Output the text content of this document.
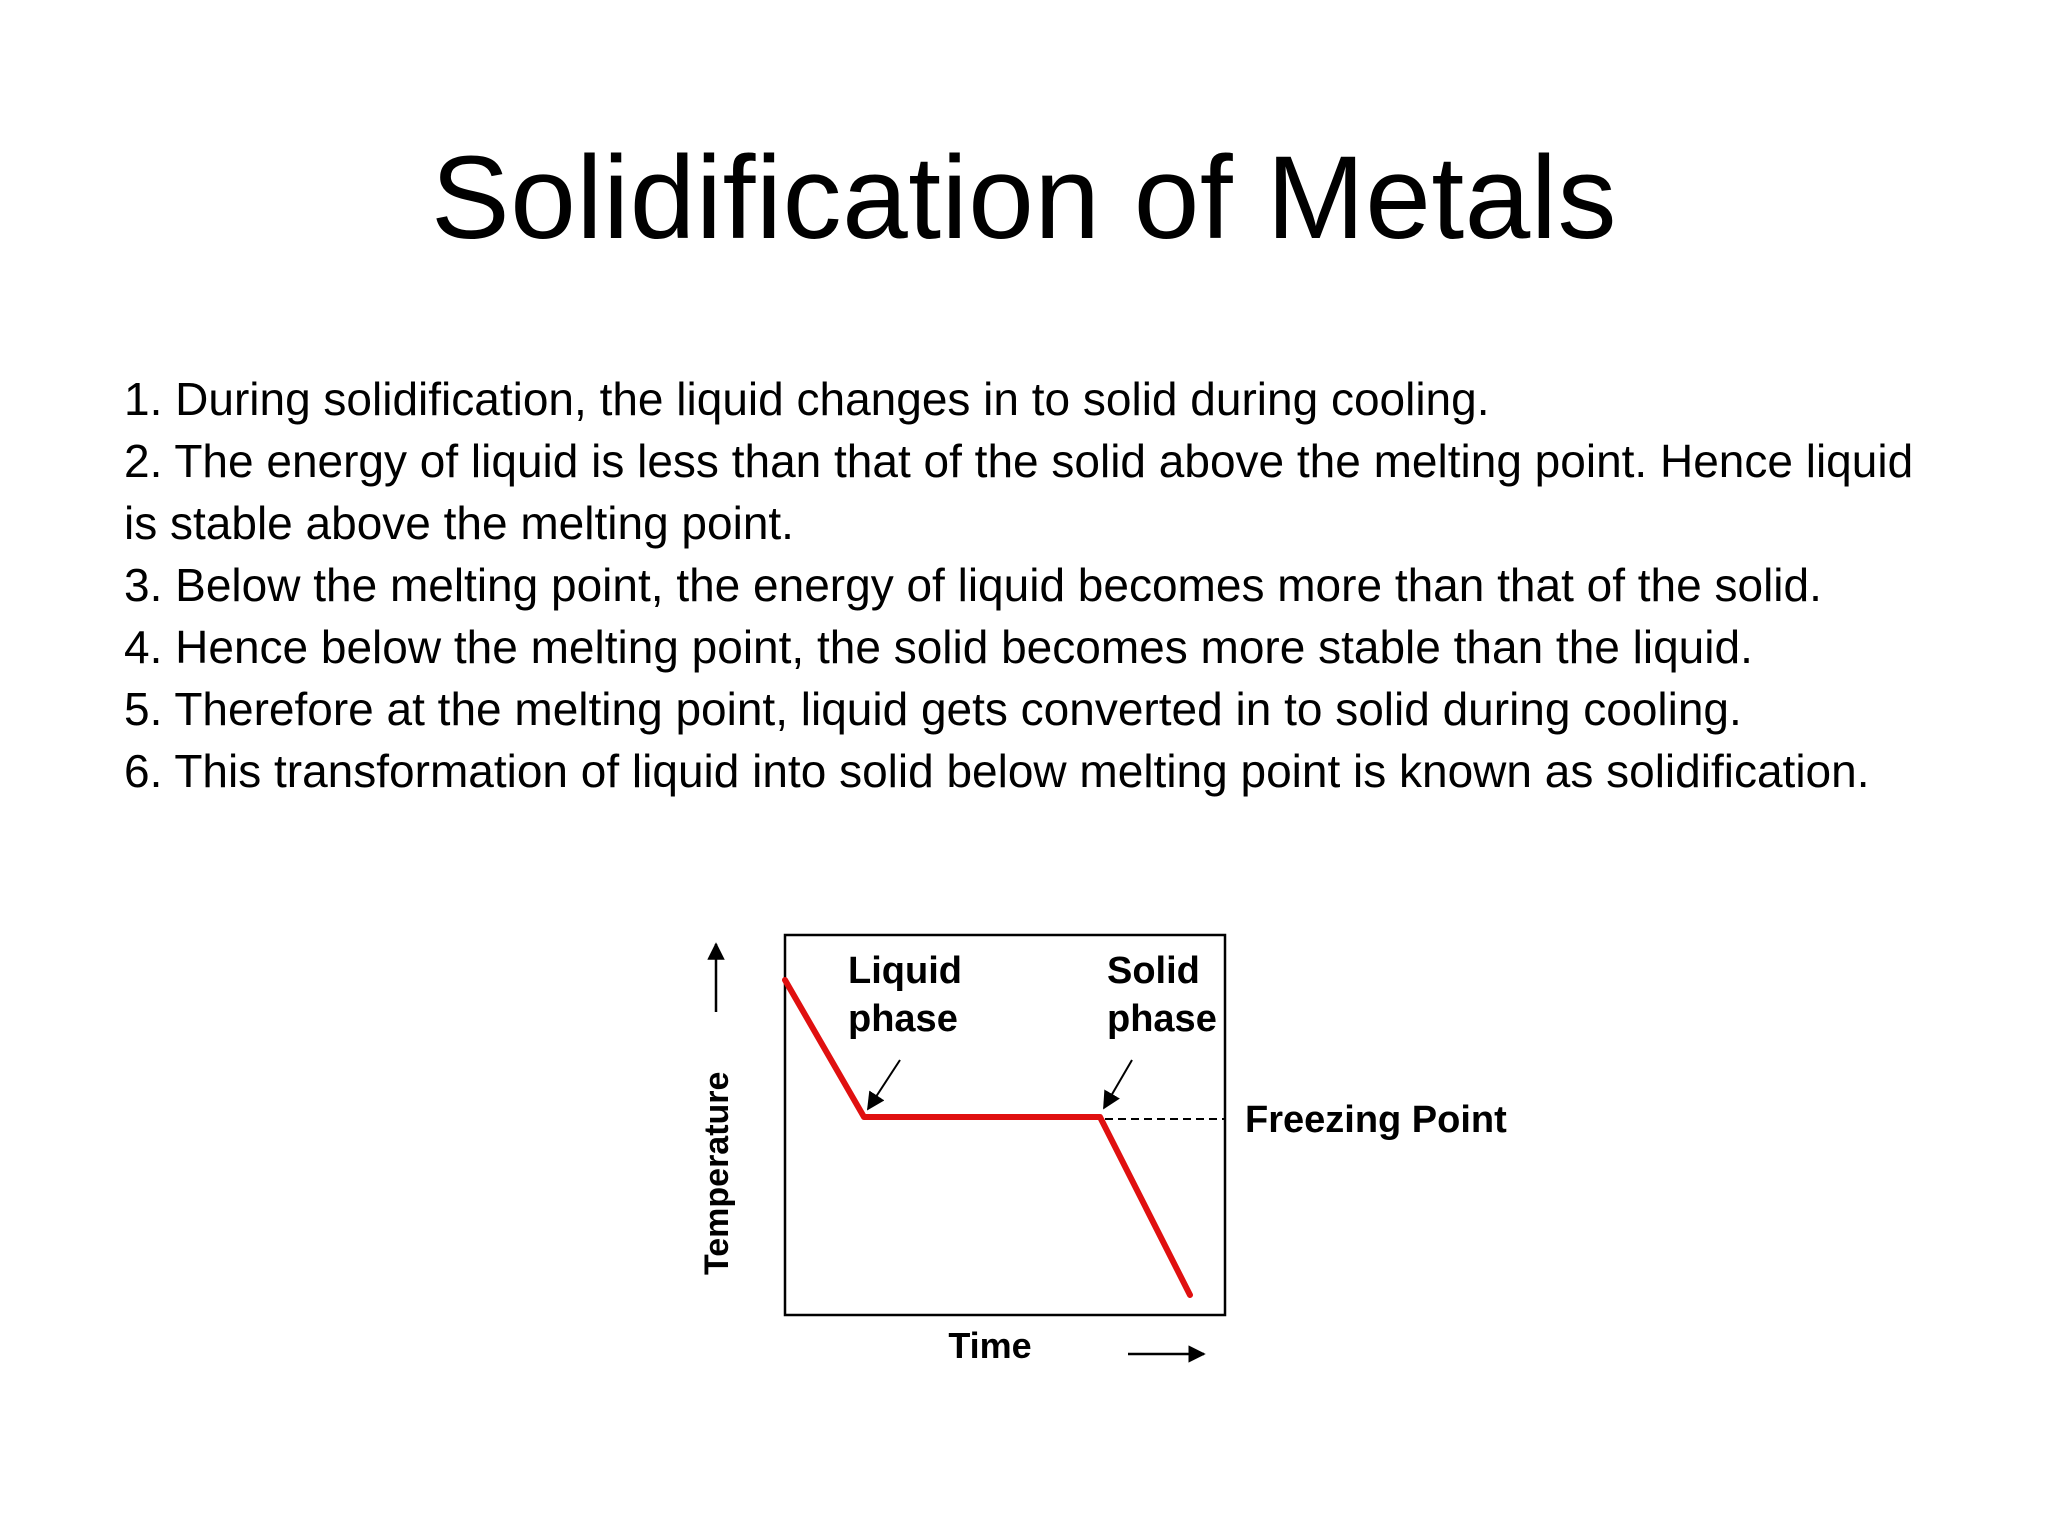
Solidification of Metals
1. During solidification, the liquid changes in to solid during cooling.
2. The energy of liquid is less than that of the solid above the melting point. Hence liquid is stable above the melting point.
3. Below the melting point, the energy of liquid becomes more than that of the solid.
4. Hence below the melting point, the solid becomes more stable than the liquid.
5. Therefore at the melting point, liquid gets converted in to solid during cooling.
6. This transformation of liquid into solid below melting point is known as solidification.
Temperature
Time
Liquid
phase
Solid
phase
Freezing Point
